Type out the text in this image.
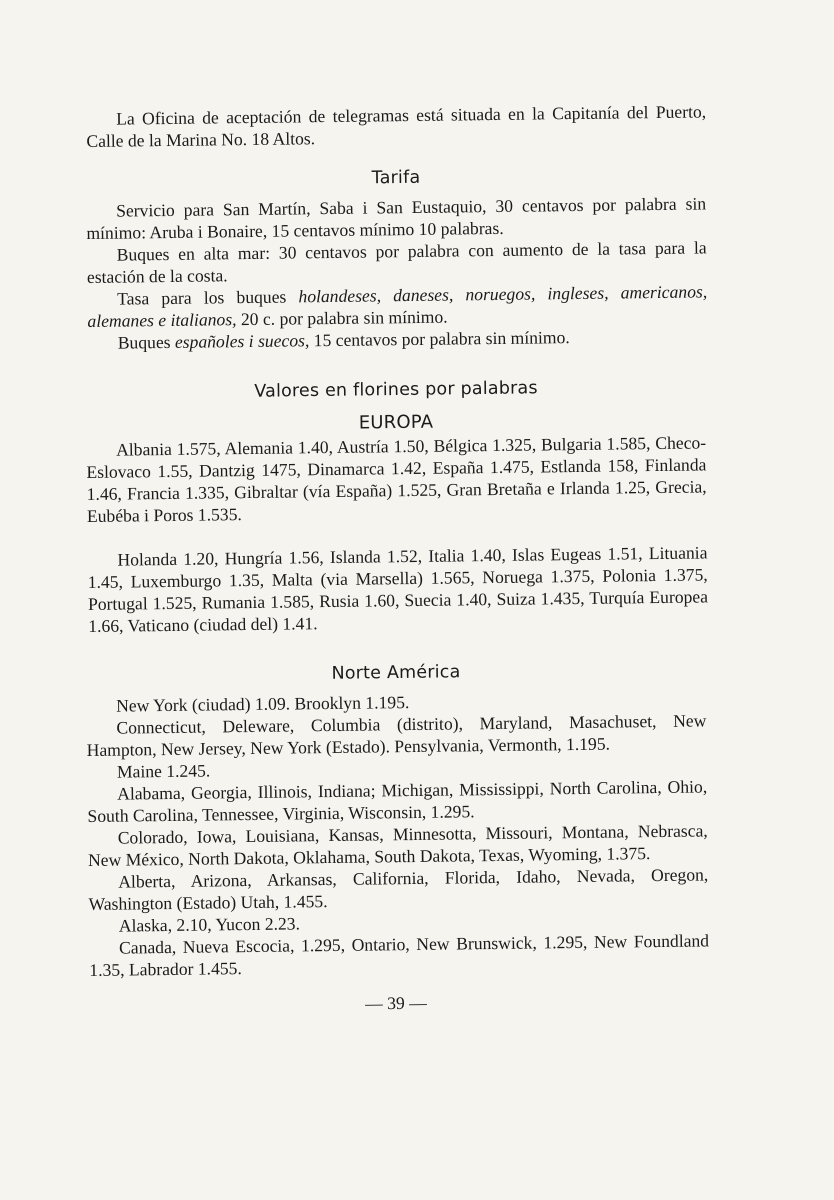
La Oficina de aceptación de telegramas está situada en la Capitanía del Puerto, Calle de la Marina No. 18 Altos.

Tarifa

Servicio para San Martín, Saba i San Eustaquio, 30 centavos por palabra sin mínimo: Aruba i Bonaire, 15 centavos mínimo 10 palabras.

Buques en alta mar: 30 centavos por palabra con aumento de la tasa para la estación de la costa.

Tasa para los buques holandeses, daneses, noruegos, ingleses, americanos, alemanes e italianos, 20 c. por palabra sin mínimo.

Buques españoles i suecos, 15 centavos por palabra sin mínimo.

Valores en florines por palabras
EUROPA

Albania 1.575, Alemania 1.40, Austría 1.50, Bélgica 1.325, Bulgaria 1.585, Checo-Eslovaco 1.55, Dantzig 1475, Dinamarca 1.42, España 1.475, Estlanda 158, Finlanda 1.46, Francia 1.335, Gibraltar (vía España) 1.525, Gran Bretaña e Irlanda 1.25, Grecia, Eubéba i Poros 1.535.

Holanda 1.20, Hungría 1.56, Islanda 1.52, Italia 1.40, Islas Eugeas 1.51, Lituania 1.45, Luxemburgo 1.35, Malta (via Marsella) 1.565, Noruega 1.375, Polonia 1.375, Portugal 1.525, Rumania 1.585, Rusia 1.60, Suecia 1.40, Suiza 1.435, Turquía Europea 1.66, Vaticano (ciudad del) 1.41.

Norte América

New York (ciudad) 1.09. Brooklyn 1.195.

Connecticut, Deleware, Columbia (distrito), Maryland, Masachuset, New Hampton, New Jersey, New York (Estado). Pensylvania, Vermonth, 1.195.

Maine 1.245.

Alabama, Georgia, Illinois, Indiana; Michigan, Mississippi, North Carolina, Ohio, South Carolina, Tennessee, Virginia, Wisconsin, 1.295.

Colorado, Iowa, Louisiana, Kansas, Minnesotta, Missouri, Montana, Nebrasca, New México, North Dakota, Oklahama, South Dakota, Texas, Wyoming, 1.375.

Alberta, Arizona, Arkansas, California, Florida, Idaho, Nevada, Oregon, Washington (Estado) Utah, 1.455.

Alaska, 2.10, Yucon 2.23.

Canada, Nueva Escocia, 1.295, Ontario, New Brunswick, 1.295, New Foundland 1.35, Labrador 1.455.

— 39 —
